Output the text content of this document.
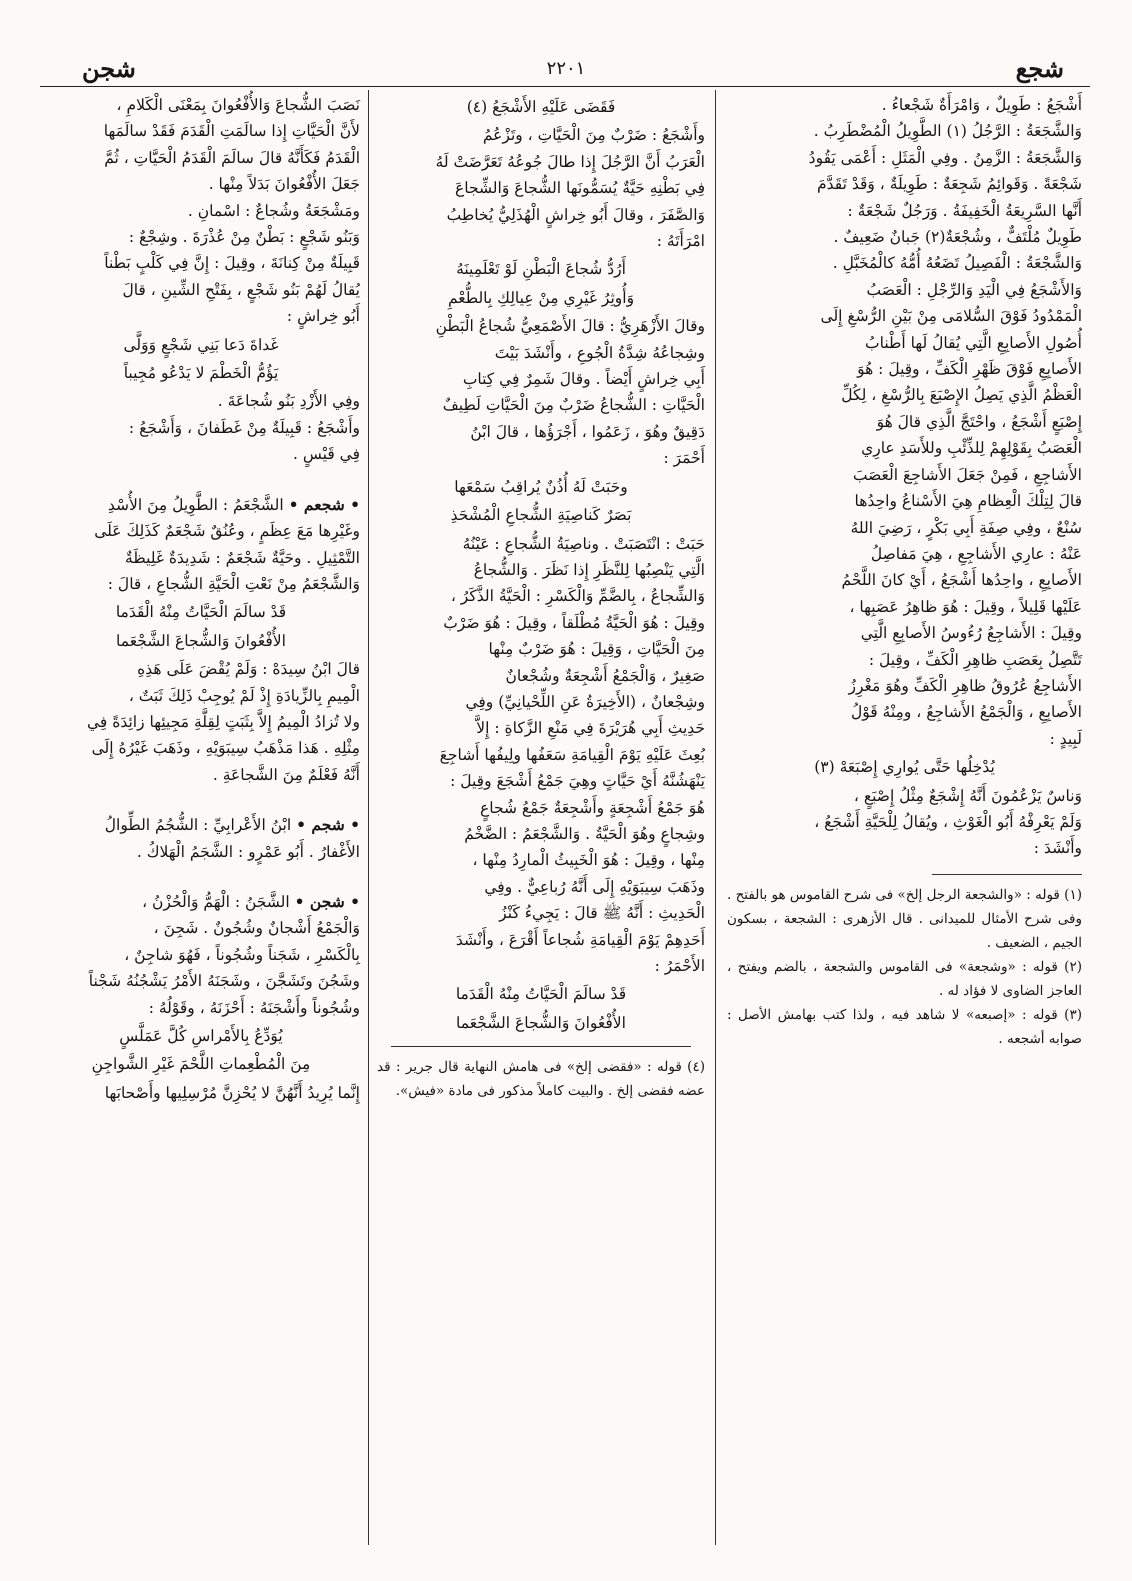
شجع
٢٢٠١
شجن

أَشْجَعُ : طَوِيلٌ ، وَامْرَأَةٌ شَجْعاءُ .

وَالشَّجَعَةُ : الرَّجُلُ (١) الطَّوِيلُ الْمُضْطَرِبُ .

وَالشَّجَعَةُ : الزَّمِنُ . وفِي الْمَثَلِ : أَعْمَى يَقُودُ

شَجْعَةً . وَقَوائِمُ شَجِعَةٌ : طَوِيلَةٌ ، وَقَدْ تَقَدَّمَ

أَنَّها السَّرِيعَةُ الْخَفِيفَةُ . وَرَجُلٌ شَجْعَةٌ :

طَوِيلٌ مُلْتَفٌّ ، وشُجْعَةٌ(٢) جَبانٌ ضَعِيفٌ .

وَالشَّجْعَةُ : الْفَصِيلُ تَضَعُهُ أُمُّهُ كالْمُخَبَّلِ .

وَالأَشْجَعُ فِي الْيَدِ وَالرِّجْلِ : الْعَصَبُ

الْمَمْدُودُ فَوْقَ السُّلامَى مِنْ بَيْنِ الرُّسْغِ إِلَى

أُصُولِ الأَصابِعِ الَّتِي يُقالُ لَها أَطْنابُ

الأَصابِعِ فَوْقَ ظَهْرِ الْكَفِّ ، وقِيلَ : هُوَ

الْعَظْمُ الَّذِي يَصِلُ الإِصْبَعَ بِالرُّسْغِ ، لِكُلِّ

إِصْبَعٍ أَشْجَعُ ، واحْتَجَّ الَّذِي قالَ هُوَ

الْعَصَبُ بِقَوْلِهِمْ لِلذِّئْبِ وللأَسَدِ عارِي

الأَشاجِعِ ، فَمِنْ جَعَلَ الأَشاجِعَ الْعَصَبَ

قالَ لِتِلْكَ الْعِظامِ هِيَ الأَسْناعُ واحِدُها

سُنْعٌ ، وفِي صِفَةِ أَبِي بَكْرٍ ، رَضِيَ اللهُ

عَنْهُ : عارِي الأَشاجِعِ ، هِيَ مَفاصِلُ

الأَصابِعِ ، واحِدُها أَشْجَعُ ، أَيْ كانَ اللَّحْمُ

عَلَيْها قَلِيلاً ، وقِيلَ : هُوَ ظاهِرُ عَصَبِها ،

وقِيلَ : الأَشاجِعُ رُءُوسُ الأَصابِعِ الَّتِي

تَتَّصِلُ بِعَصَبِ ظاهِرِ الْكَفِّ ، وقِيلَ :

الأَشاجِعُ عُرُوقُ ظاهِرِ الْكَفِّ وهُوَ مَغْرِزُ

الأَصابِعِ ، وَالْجَمْعُ الأَشاجِعُ ، ومِنْهُ قَوْلُ

لَبِيدٍ :

يُدْخِلُها حَتَّى يُوارِي إِصْبَعَهْ (٣)

وَناسٌ يَزْعُمُونَ أَنَّهُ إِشْجَعٌ مِثْلُ إِصْبَعٍ ،

وَلَمْ يَعْرِفْهُ أَبُو الْغَوْثِ ، ويُقالُ لِلْحَيَّةِ أَشْجَعُ ،

وأَنْشَدَ :

(١) قوله : «والشجعة الرجل إلخ» فى شرح القاموس هو بالفتح . وفى شرح الأمثال للميدانى . قال الأزهرى : الشجعة ، بسكون الجيم ، الضعيف .

(٢) قوله : «وشجعة» فى القاموس والشجعة ، بالضم ويفتح ، العاجز الضاوى لا فؤاد له .

(٣) قوله : «إصبعه» لا شاهد فيه ، ولذا كتب بهامش الأصل : صوابه أشجعه .

فَقَضَى عَلَيْهِ الأَشْجَعُ (٤)

وأَشْجَعُ : ضَرْبٌ مِنَ الْحَيَّاتِ ، وتَزْعُمُ

الْعَرَبُ أَنَّ الرَّجُلَ إِذا طالَ جُوعُهُ تَعَرَّضَتْ لَهُ

فِي بَطْنِهِ حَيَّةٌ يُسَمُّونَها الشُّجاعَ وَالشِّجاعَ

وَالصَّفَرَ ، وقالَ أَبُو خِراشٍ الْهُذَلِيُّ يُخاطِبُ

امْرَأَتَهُ :

أَرُدُّ شُجاعَ الْبَطْنِ لَوْ تَعْلَمِينَهُ

وَأُوثِرُ غَيْرِي مِنْ عِيالِكِ بِالطُّعْمِ

وقالَ الأَزْهَرِيُّ : قالَ الأَصْمَعِيُّ شُجاعُ الْبَطْنِ

وشِجاعُهُ شِدَّةُ الْجُوعِ ، وأَنْشَدَ بَيْتَ

أَبِي خِراشٍ أَيْضاً . وقالَ شَمِرٌ فِي كِتابِ

الْحَيَّاتِ : الشُّجاعُ ضَرْبٌ مِنَ الْحَيَّاتِ لَطِيفٌ

دَقِيقٌ وهُوَ ، زَعَمُوا ، أَجْرَؤُها ، قالَ ابْنُ

أَحْمَرَ :

وحَبَتْ لَهُ أُذُنٌ يُراقِبُ سَمْعَها

بَصَرٌ كَناصِيَةِ الشُّجاعِ الْمُشْحَذِ

حَبَتْ : انْتَصَبَتْ . وناصِيَةُ الشُّجاعِ : عَيْنُهُ

الَّتِي يَنْصِبُها لِلنَّظَرِ إِذا نَظَرَ . وَالشُّجاعُ

وَالشِّجاعُ ، بِالضَّمِّ وَالْكَسْرِ : الْحَيَّةُ الذَّكَرُ ،

وقِيلَ : هُوَ الْحَيَّةُ مُطْلَقاً ، وقِيلَ : هُوَ ضَرْبٌ

مِنَ الْحَيَّاتِ ، وَقِيلَ : هُوَ ضَرْبٌ مِنْها

صَغِيرٌ ، وَالْجَمْعُ أَشْجِعَةٌ وشُجْعانٌ

وشِجْعانٌ ، (الأَخِيرَةُ عَنِ اللِّحْيانِيِّ) وفِي

حَدِيثِ أَبِي هُرَيْرَةَ فِي مَنْعِ الزَّكاةِ : إِلاَّ

بُعِثَ عَلَيْهِ يَوْمَ الْقِيامَةِ سَعَفُها ولِيفُها أَشاجِعَ

يَنْهَشُنَّهُ أَيْ حَيَّاتٍ وهِيَ جَمْعُ أَشْجَعَ وقِيلَ :

هُوَ جَمْعُ أَشْجِعَةٍ وأَشْجِعَةٌ جَمْعُ شُجاعٍ

وشِجاعٍ وهُوَ الْحَيَّةُ . وَالشَّجْعَمُ : الضَّخْمُ

مِنْها ، وقِيلَ : هُوَ الْخَبِيثُ الْمارِدُ مِنْها ،

وذَهَبَ سِيبَوَيْهِ إِلَى أَنَّهُ رُباعِيٌّ . وفِي

الْحَدِيثِ : أَنَّهُ ﷺ قالَ : يَجِيءُ كَنْزُ

أَحَدِهِمْ يَوْمَ الْقِيامَةِ شُجاعاً أَقْرَعَ ، وأَنْشَدَ

الأَحْمَرُ :

قَدْ سالَمَ الْحَيَّاتُ مِنْهُ الْقَدَما

الأُفْعُوانَ وَالشُّجاعَ الشَّجْعَما

(٤) قوله : «فقضى إلخ» فى هامش النهاية قال جرير : قد عضه فقضى إلخ . والبيت كاملاً مذكور فى مادة «فيش».

نَصَبَ الشُّجاعَ وَالأُفْعُوانَ بِمَعْنَى الْكَلامِ ،

لأَنَّ الْحَيَّاتِ إِذا سالَمَتِ الْقَدَمَ فَقَدْ سالَمَها

الْقَدَمُ فَكَأَنَّهُ قالَ سالَمَ الْقَدَمُ الْحَيَّاتِ ، ثُمَّ

جَعَلَ الأُفْعُوانَ بَدَلاً مِنْها .

ومَشْجَعَةُ وشُجاعٌ : اسْمانِ .

وَبَنُو شَجْعٍ : بَطْنٌ مِنْ عُذْرَةَ . وشِجْعٌ :

قَبِيلَةٌ مِنْ كِنانَةَ ، وقِيلَ : إِنَّ فِي كَلْبٍ بَطْناً

يُقالُ لَهُمْ بَنُو شَجْعٍ ، بِفَتْحِ الشِّينِ ، قالَ

أَبُو خِراشٍ :

غَداةَ دَعا بَنِي شَجْعٍ وَوَلَّى

يَؤُمُّ الْخَطْمَ لا يَدْعُو مُجِيباً

وفِي الأَزْدِ بَنُو شُجاعَةَ .

وأَشْجَعُ : قَبِيلَةٌ مِنْ غَطَفانَ ، وَأَشْجَعُ :

فِي قَيْسٍ .

• شجعم • الشَّجْعَمُ : الطَّوِيلُ مِنَ الأُسْدِ

وغَيْرِها مَعَ عِظَمٍ ، وعُنُقٌ شَجْعَمٌ كَذَلِكَ عَلَى

التَّمْثِيلِ . وحَيَّةٌ شَجْعَمٌ : شَدِيدَةٌ غَلِيظَةٌ

وَالشَّجْعَمُ مِنْ نَعْتِ الْحَيَّةِ الشُّجاعِ ، قالَ :

قَدْ سالَمَ الْحَيَّاتُ مِنْهُ الْقَدَما

الأُفْعُوانَ وَالشُّجاعَ الشَّجْعَما

قالَ ابْنُ سِيدَهْ : وَلَمْ يُقْضَ عَلَى هَذِهِ

الْمِيمِ بِالزِّيادَةِ إِذْ لَمْ يُوجِبْ ذَلِكَ ثَبَتٌ ،

ولا تُزادُ الْمِيمُ إِلاَّ بِثَبَتٍ لِقِلَّةِ مَجِيئِها زائِدَةً فِي

مِثْلِهِ . هَذا مَذْهَبُ سِيبَوَيْهِ ، وذَهَبَ غَيْرُهُ إِلَى

أَنَّهُ فَعْلَمٌ مِنَ الشَّجاعَةِ .

• شجم • ابْنُ الأَعْرابِيِّ : الشُّجُمُ الطِّوالُ

الأَغْفارُ . أَبُو عَمْرٍو : الشَّجَمُ الْهَلاكُ .

• شجن • الشَّجَنُ : الْهَمُّ وَالْحُزْنُ ،

وَالْجَمْعُ أَشْجانٌ وشُجُونٌ . شَجِنَ ،

بِالْكَسْرِ ، شَجَناً وشُجُوناً ، فَهُوَ شاجِنٌ ،

وشَجُنَ وتَشَجَّنَ ، وشَجَنَهُ الأَمْرُ يَشْجُنُهُ شَجْناً

وشُجُوناً وأَشْجَنَهُ : أَحْزَنَهُ ، وقَوْلُهُ :

يُوَدِّعُ بِالأَمْراسِ كُلَّ عَمَلَّسٍ

مِنَ الْمُطْعِماتِ اللَّحْمَ غَيْرِ الشَّواجِنِ

إِنَّما يُرِيدُ أَنَّهُنَّ لا يُحْزِنَّ مُرْسِلِيها وأَصْحابَها
